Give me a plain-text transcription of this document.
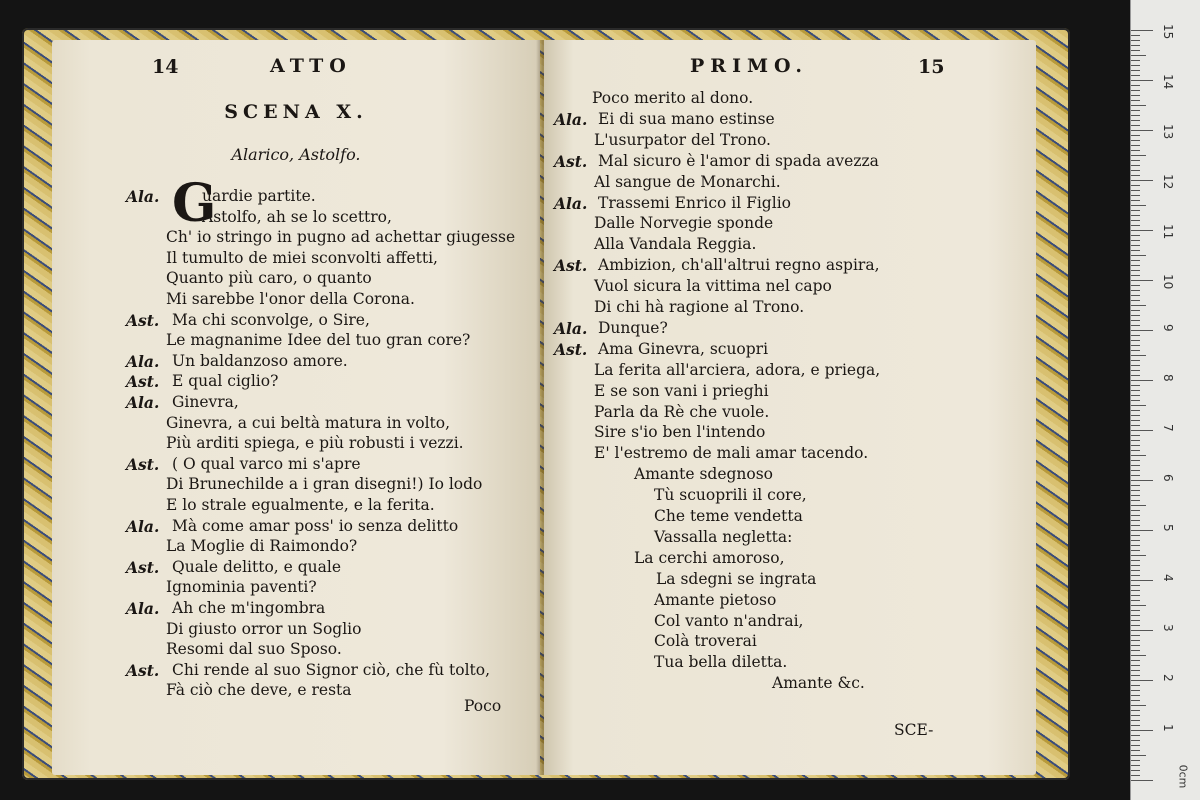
14	ATTO
SCENA X.
Alarico, Astolfo.
G
Ala.	uardie partite.
Astolfo, ah se lo scettro,
Ch' io stringo in pugno ad achettar giugesse
Il tumulto de miei sconvolti affetti,
Quanto più caro, o quanto
Mi sarebbe l'onor della Corona.
Ast. Ma chi sconvolge, o Sire,
Le magnanime Idee del tuo gran core?
Ala. Un baldanzoso amore.
Ast. E qual ciglio?
Ala. Ginevra,
Ginevra, a cui beltà matura in volto,
Più arditi spiega, e più robusti i vezzi.
Ast. ( O qual varco mi s'apre
Di Brunechilde a i gran disegni!) Io lodo
E lo strale egualmente, e la ferita.
Ala. Mà come amar poss' io senza delitto
La Moglie di Raimondo?
Ast. Quale delitto, e quale
Ignominia paventi?
Ala. Ah che m'ingombra
Di giusto orror un Soglio
Resomi dal suo Sposo.
Ast. Chi rende al suo Signor ciò, che fù tolto,
Fà ciò che deve, e resta
Poco
PRIMO.	15
Poco merito al dono.
Ala. Ei di sua mano estinse
L'usurpator del Trono.
Ast. Mal sicuro è l'amor di spada avezza
Al sangue de Monarchi.
Ala. Trassemi Enrico il Figlio
Dalle Norvegie sponde
Alla Vandala Reggia.
Ast. Ambizion, ch'all'altrui regno aspira,
Vuol sicura la vittima nel capo
Di chi hà ragione al Trono.
Ala. Dunque?
Ast. Ama Ginevra, scuopri
La ferita all'arciera, adora, e priega,
E se son vani i prieghi
Parla da Rè che vuole.
Sire s'io ben l'intendo
E' l'estremo de mali amar tacendo.
Amante sdegnoso
Tù scuoprili il core,
Che teme vendetta
Vassalla negletta:
La cerchi amoroso,
La sdegni se ingrata
Amante pietoso
Col vanto n'andrai,
Colà troverai
Tua bella diletta.
Amante &c.
SCE-
15
14
13
12
11
10
9
8
7
6
5
4
3
2
1
0cm
